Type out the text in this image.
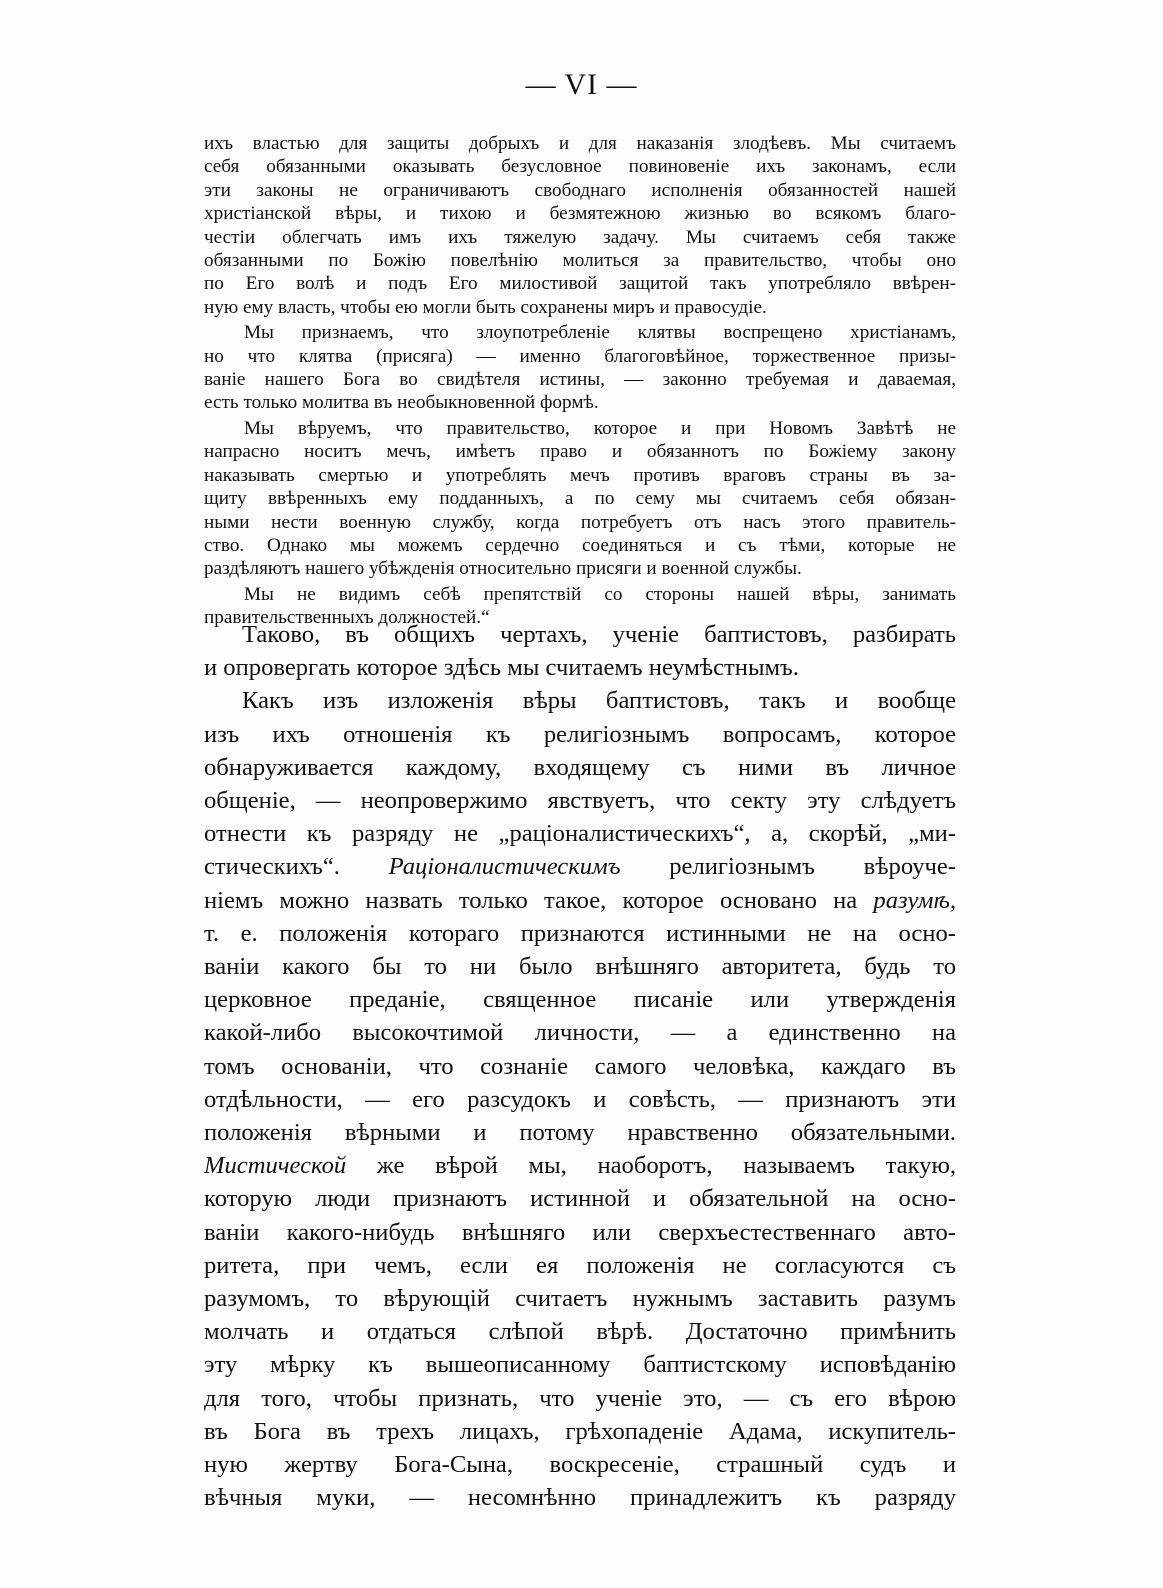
— VI —

ихъ властью для защиты добрыхъ и для наказанія злодѣевъ. Мы считаемъ
себя обязанными оказывать безусловное повиновеніе ихъ законамъ, если
эти законы не ограничиваютъ свободнаго исполненія обязанностей нашей
христіанской вѣры, и тихою и безмятежною жизнью во всякомъ благо-
честіи облегчать имъ ихъ тяжелую задачу. Мы считаемъ себя также
обязанными по Божію повелѣнію молиться за правительство, чтобы оно
по Его волѣ и подъ Его милостивой защитой такъ употребляло ввѣрен-
ную ему власть, чтобы ею могли быть сохранены миръ и правосудіе.

Мы признаемъ, что злоупотребленіе клятвы воспрещено христіанамъ,
но что клятва (присяга) — именно благоговѣйное, торжественное призы-
ваніе нашего Бога во свидѣтеля истины, — законно требуемая и даваемая,
есть только молитва въ необыкновенной формѣ.

Мы вѣруемъ, что правительство, которое и при Новомъ Завѣтѣ не
напрасно носитъ мечъ, имѣетъ право и обязаннотъ по Божіему закону
наказывать смертью и употреблять мечъ противъ враговъ страны въ за-
щиту ввѣренныхъ ему подданныхъ, а по сему мы считаемъ себя обязан-
ными нести военную службу, когда потребуетъ отъ насъ этого правитель-
ство. Однако мы можемъ сердечно соединяться и съ тѣми, которые не
раздѣляютъ нашего убѣжденія относительно присяги и военной службы.

Мы не видимъ себѣ препятствій со стороны нашей вѣры, занимать
правительственныхъ должностей.“

Таково, въ общихъ чертахъ, ученіе баптистовъ, разбирать
и опровергать которое здѣсь мы считаемъ неумѣстнымъ.
Какъ изъ изложенія вѣры баптистовъ, такъ и вообще
изъ ихъ отношенія къ религіознымъ вопросамъ, которое
обнаруживается каждому, входящему съ ними въ личное
общеніе, — неопровержимо явствуетъ, что секту эту слѣдуетъ
отнести къ разряду не „раціоналистическихъ“, а, скорѣй, „ми-
стическихъ“. Раціоналистическимъ религіознымъ вѣроуче-
ніемъ можно назвать только такое, которое основано на разумѣ,
т. е. положенія котораго признаются истинными не на осно-
ваніи какого бы то ни было внѣшняго авторитета, будь то
церковное преданіе, священное писаніе или утвержденія
какой-либо высокочтимой личности, — а единственно на
томъ основаніи, что сознаніе самого человѣка, каждаго въ
отдѣльности, — его разсудокъ и совѣсть, — признаютъ эти
положенія вѣрными и потому нравственно обязательными.
Мистической же вѣрой мы, наоборотъ, называемъ такую,
которую люди признаютъ истинной и обязательной на осно-
ваніи какого-нибудь внѣшняго или сверхъестественнаго авто-
ритета, при чемъ, если ея положенія не согласуются съ
разумомъ, то вѣрующій считаетъ нужнымъ заставить разумъ
молчать и отдаться слѣпой вѣрѣ. Достаточно примѣнить
эту мѣрку къ вышеописанному баптистскому исповѣданію
для того, чтобы признать, что ученіе это, — съ его вѣрою
въ Бога въ трехъ лицахъ, грѣхопаденіе Адама, искупитель-
ную жертву Бога-Сына, воскресеніе, страшный судъ и
вѣчныя муки, — несомнѣнно принадлежитъ къ разряду
